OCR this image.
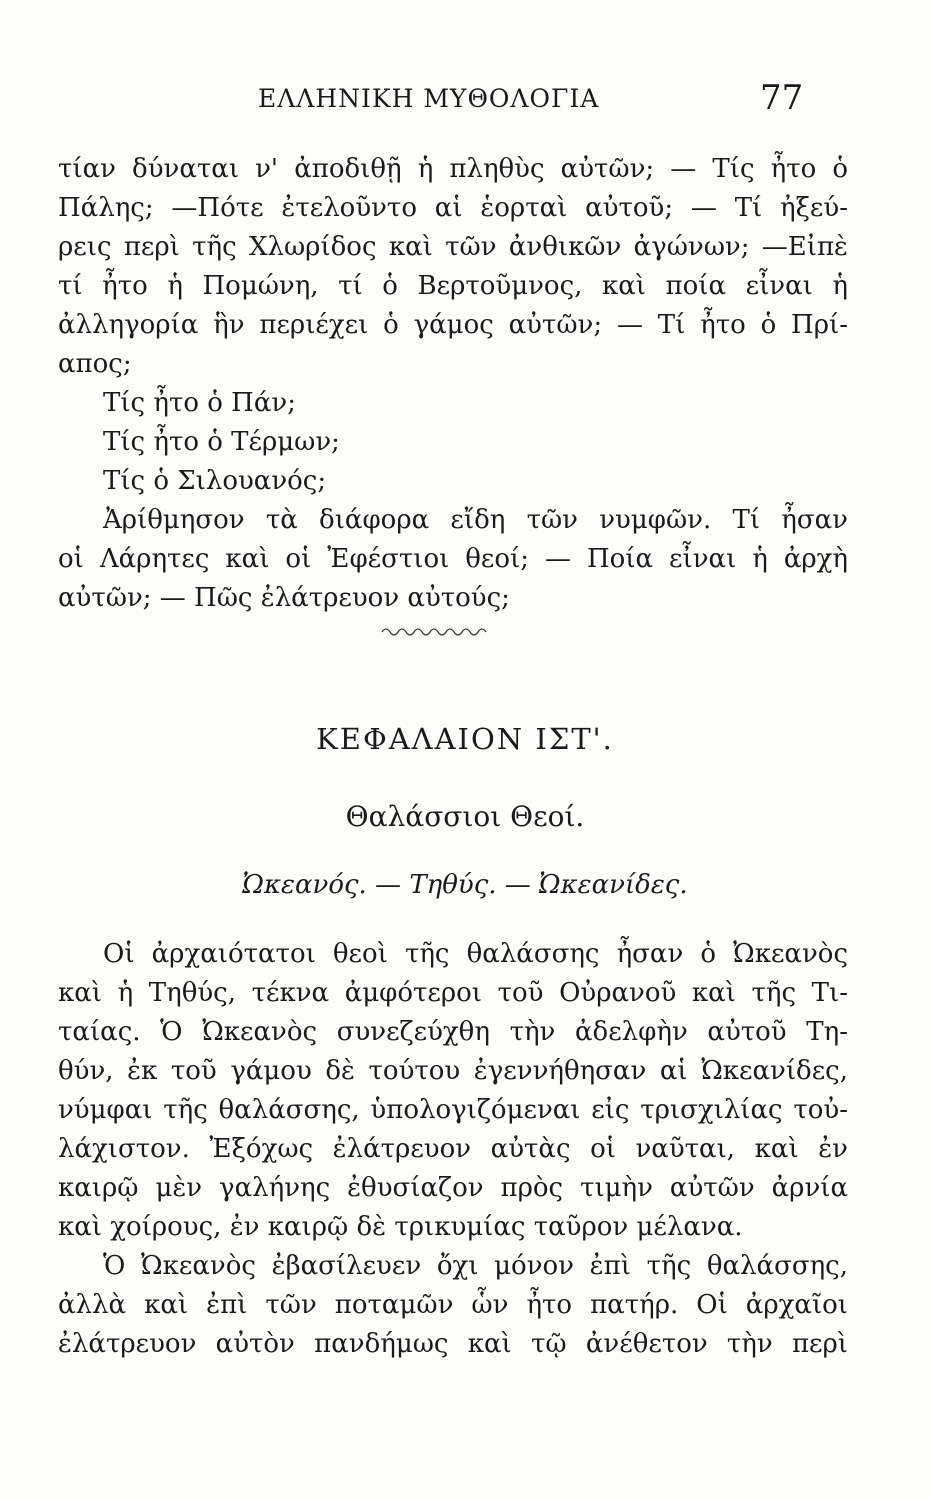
ΕΛΛΗΝΙΚΗ ΜΥΘΟΛΟΓΙΑ	77
τίαν δύναται ν' ἀποδιθῇ ἡ πληθὺς αὐτῶν; — Τίς ἦτο ὁ
Πάλης; —Πότε ἐτελοῦντο αἱ ἑορταὶ αὐτοῦ; — Τί ἠξεύ-
ρεις περὶ τῆς Χλωρίδος καὶ τῶν ἀνθικῶν ἀγώνων; —Εἰπὲ
τί ἦτο ἡ Πομώνη, τί ὁ Βερτοῦμνος, καὶ ποία εἶναι ἡ
ἀλληγορία ἣν περιέχει ὁ γάμος αὐτῶν; — Τί ἦτο ὁ Πρί-
απος;
Τίς ἦτο ὁ Πάν;
Τίς ἦτο ὁ Τέρμων;
Τίς ὁ Σιλουανός;
Ἀρίθμησον τὰ διάφορα εἴδη τῶν νυμφῶν. Τί ἦσαν
οἱ Λάρητες καὶ οἱ Ἐφέστιοι θεοί; — Ποία εἶναι ἡ ἀρχὴ
αὐτῶν; — Πῶς ἐλάτρευον αὐτούς;
ΚΕΦΑΛΑΙΟΝ ΙΣΤ'.
Θαλάσσιοι Θεοί.
Ὠκεανός. — Τηθύς. — Ὠκεανίδες.
Οἱ ἀρχαιότατοι θεοὶ τῆς θαλάσσης ἦσαν ὁ Ὠκεανὸς
καὶ ἡ Τηθύς, τέκνα ἀμφότεροι τοῦ Οὐρανοῦ καὶ τῆς Τι-
ταίας. Ὁ Ὠκεανὸς συνεζεύχθη τὴν ἀδελφὴν αὐτοῦ Τη-
θύν, ἐκ τοῦ γάμου δὲ τούτου ἐγεννήθησαν αἱ Ὠκεανίδες,
νύμφαι τῆς θαλάσσης, ὑπολογιζόμεναι εἰς τρισχιλίας τοὐ-
λάχιστον. Ἐξόχως ἐλάτρευον αὐτὰς οἱ ναῦται, καὶ ἐν
καιρῷ μὲν γαλήνης ἐθυσίαζον πρὸς τιμὴν αὐτῶν ἀρνία
καὶ χοίρους, ἐν καιρῷ δὲ τρικυμίας ταῦρον μέλανα.
Ὁ Ὠκεανὸς ἐβασίλευεν ὄχι μόνον ἐπὶ τῆς θαλάσσης,
ἀλλὰ καὶ ἐπὶ τῶν ποταμῶν ὧν ἦτο πατήρ. Οἱ ἀρχαῖοι
ἐλάτρευον αὐτὸν πανδήμως καὶ τῷ ἀνέθετον τὴν περὶ
